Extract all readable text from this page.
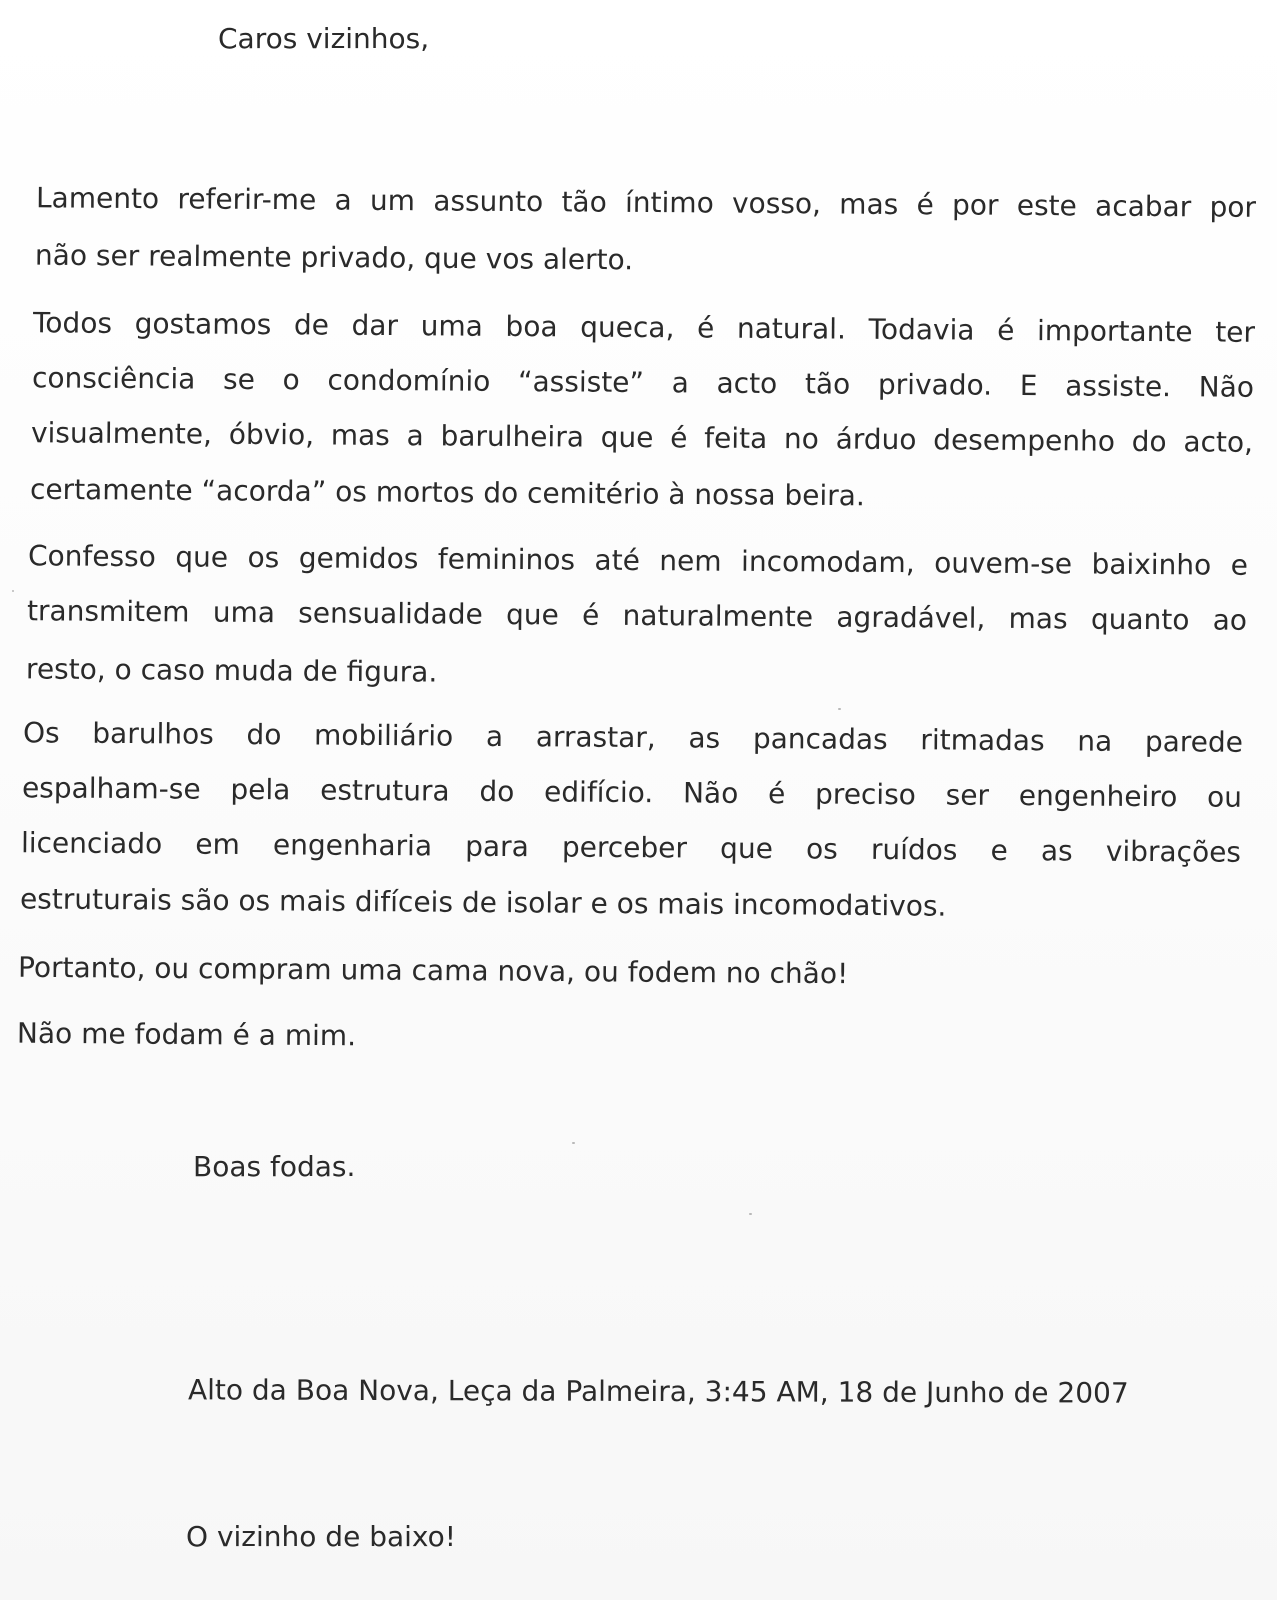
Caros vizinhos,

Lamento referir-me a um assunto tão íntimo vosso, mas é por este acabar por

não ser realmente privado, que vos alerto.

Todos gostamos de dar uma boa queca, é natural. Todavia é importante ter

consciência se o condomínio “assiste” a acto tão privado. E assiste. Não

visualmente, óbvio, mas a barulheira que é feita no árduo desempenho do acto,

certamente “acorda” os mortos do cemitério à nossa beira.

Confesso que os gemidos femininos até nem incomodam, ouvem-se baixinho e

transmitem uma sensualidade que é naturalmente agradável, mas quanto ao

resto, o caso muda de figura.

Os barulhos do mobiliário a arrastar, as pancadas ritmadas na parede

espalham-se pela estrutura do edifício. Não é preciso ser engenheiro ou

licenciado em engenharia para perceber que os ruídos e as vibrações

estruturais são os mais difíceis de isolar e os mais incomodativos.

Portanto, ou compram uma cama nova, ou fodem no chão!

Não me fodam é a mim.

Boas fodas.

Alto da Boa Nova, Leça da Palmeira, 3:45 AM, 18 de Junho de 2007

O vizinho de baixo!
